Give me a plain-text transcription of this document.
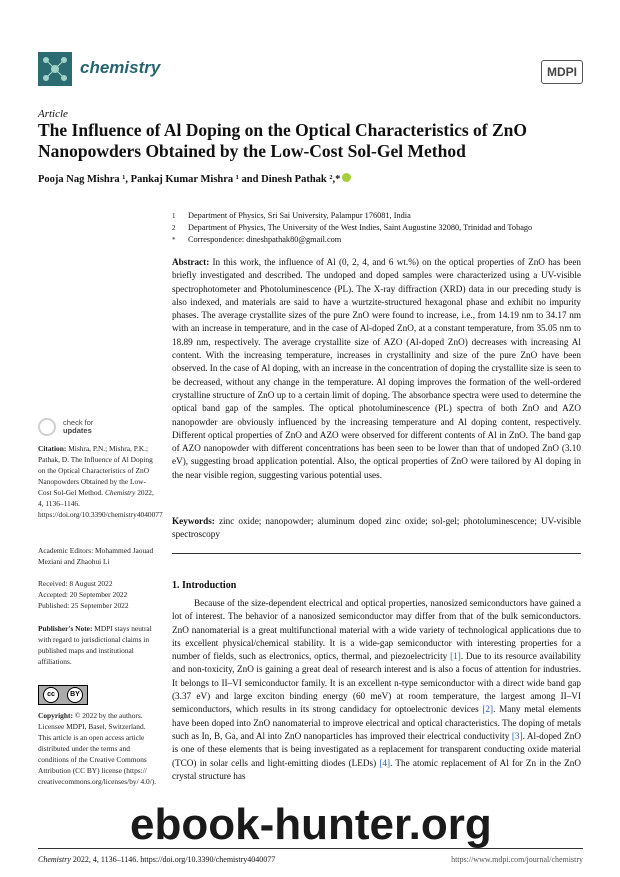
chemistry	MDPI
Article
The Influence of Al Doping on the Optical Characteristics of ZnO Nanopowders Obtained by the Low-Cost Sol-Gel Method
Pooja Nag Mishra ¹, Pankaj Kumar Mishra ¹ and Dinesh Pathak ²,*
1	Department of Physics, Sri Sai University, Palampur 176081, India
2	Department of Physics, The University of the West Indies, Saint Augustine 32080, Trinidad and Tobago
*	Correspondence: dineshpathak80@gmail.com
Abstract: In this work, the influence of Al (0, 2, 4, and 6 wt.%) on the optical properties of ZnO has been briefly investigated and described. The undoped and doped samples were characterized using a UV-visible spectrophotometer and Photoluminescence (PL). The X-ray diffraction (XRD) data in our preceding study is also indexed, and materials are said to have a wurtzite-structured hexagonal phase and exhibit no impurity phases. The average crystallite sizes of the pure ZnO were found to increase, i.e., from 14.19 nm to 34.17 nm with an increase in temperature, and in the case of Al-doped ZnO, at a constant temperature, from 35.05 nm to 18.89 nm, respectively. The average crystallite size of AZO (Al-doped ZnO) decreases with increasing Al content. With the increasing temperature, increases in crystallinity and size of the pure ZnO have been observed. In the case of Al doping, with an increase in the concentration of doping the crystallite size is seen to be decreased, without any change in the temperature. Al doping improves the formation of the well-ordered crystalline structure of ZnO up to a certain limit of doping. The absorbance spectra were used to determine the optical band gap of the samples. The optical photoluminescence (PL) spectra of both ZnO and AZO nanopowder are obviously influenced by the increasing temperature and Al doping content, respectively. Different optical properties of ZnO and AZO were observed for different contents of Al in ZnO. The band gap of AZO nanopowder with different concentrations has been seen to be lower than that of undoped ZnO (3.10 eV), suggesting broad application potential. Also, the optical properties of ZnO were tailored by Al doping in the near visible region, suggesting various potential uses.
Keywords: zinc oxide; nanopowder; aluminum doped zinc oxide; sol-gel; photoluminescence; UV-visible spectroscopy
1. Introduction
Because of the size-dependent electrical and optical properties, nanosized semiconductors have gained a lot of interest. The behavior of a nanosized semiconductor may differ from that of the bulk semiconductors. ZnO nanomaterial is a great multifunctional material with a wide variety of technological applications due to its excellent physical/chemical stability. It is a wide-gap semiconductor with interesting properties for a number of fields, such as electronics, optics, thermal, and piezoelectricity [1]. Due to its resource availability and non-toxicity, ZnO is gaining a great deal of research interest and is also a focus of attention for industries. It belongs to II–VI semiconductor family. It is an excellent n-type semiconductor with a direct wide band gap (3.37 eV) and large exciton binding energy (60 meV) at room temperature, the largest among II–VI semiconductors, which results in its strong candidacy for optoelectronic devices [2]. Many metal elements have been doped into ZnO nanomaterial to improve electrical and optical characteristics. The doping of metals such as In, B, Ga, and Al into ZnO nanoparticles has improved their electrical conductivity [3]. Al-doped ZnO is one of these elements that is being investigated as a replacement for transparent conducting oxide material (TCO) in solar cells and light-emitting diodes (LEDs) [4]. The atomic replacement of Al for Zn in the ZnO crystal structure has
check for
updates
Citation: Mishra, P.N.; Mishra, P.K.; Pathak, D. The Influence of Al Doping on the Optical Characteristics of ZnO Nanopowders Obtained by the Low-Cost Sol-Gel Method. Chemistry 2022, 4, 1136–1146. https://doi.org/10.3390/chemistry4040077
Academic Editors: Mohammed Jaouad Meziani and Zhaohui Li
Received: 8 August 2022
Accepted: 20 September 2022
Published: 25 September 2022
Publisher's Note: MDPI stays neutral with regard to jurisdictional claims in published maps and institutional affiliations.
cc	BY
Copyright: © 2022 by the authors. Licensee MDPI, Basel, Switzerland. This article is an open access article distributed under the terms and conditions of the Creative Commons Attribution (CC BY) license (https:// creativecommons.org/licenses/by/ 4.0/).
Chemistry 2022, 4, 1136–1146. https://doi.org/10.3390/chemistry4040077	https://www.mdpi.com/journal/chemistry
ebook-hunter.org
